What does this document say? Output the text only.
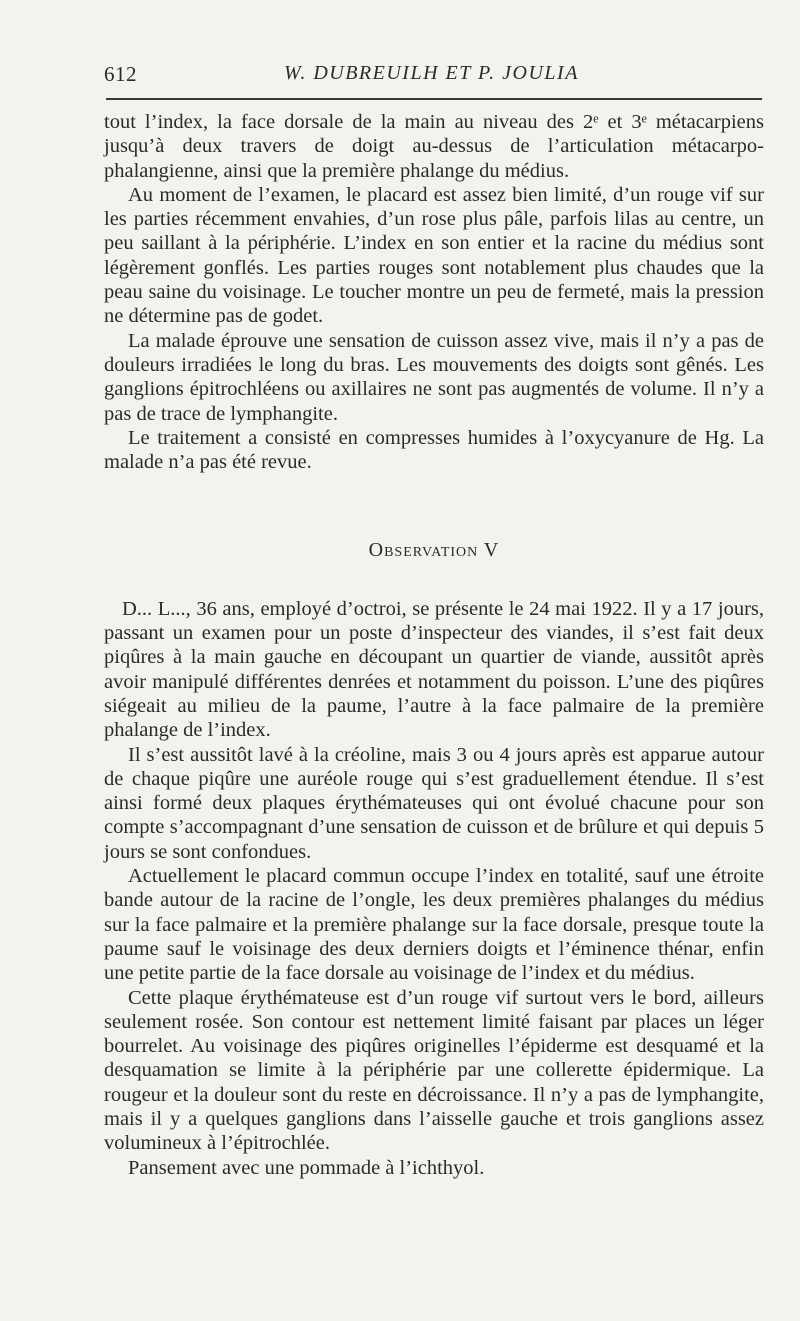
612	W. DUBREUILH ET P. JOULIA

tout l’index, la face dorsale de la main au niveau des 2ᵉ et 3ᵉ métacarpiens jusqu’à deux travers de doigt au-dessus de l’articulation métacarpo-phalangienne, ainsi que la première phalange du médius.

Au moment de l’examen, le placard est assez bien limité, d’un rouge vif sur les parties récemment envahies, d’un rose plus pâle, parfois lilas au centre, un peu saillant à la périphérie. L’index en son entier et la racine du médius sont légèrement gonflés. Les parties rouges sont notablement plus chaudes que la peau saine du voisinage. Le toucher montre un peu de fermeté, mais la pression ne détermine pas de godet.

La malade éprouve une sensation de cuisson assez vive, mais il n’y a pas de douleurs irradiées le long du bras. Les mouvements des doigts sont gênés. Les ganglions épitrochléens ou axillaires ne sont pas augmentés de volume. Il n’y a pas de trace de lymphangite.

Le traitement a consisté en compresses humides à l’oxycyanure de Hg. La malade n’a pas été revue.

Observation V

D... L..., 36 ans, employé d’octroi, se présente le 24 mai 1922. Il y a 17 jours, passant un examen pour un poste d’inspecteur des viandes, il s’est fait deux piqûres à la main gauche en découpant un quartier de viande, aussitôt après avoir manipulé différentes denrées et notamment du poisson. L’une des piqûres siégeait au milieu de la paume, l’autre à la face palmaire de la première phalange de l’index.

Il s’est aussitôt lavé à la créoline, mais 3 ou 4 jours après est apparue autour de chaque piqûre une auréole rouge qui s’est graduellement étendue. Il s’est ainsi formé deux plaques érythémateuses qui ont évolué chacune pour son compte s’accompagnant d’une sensation de cuisson et de brûlure et qui depuis 5 jours se sont confondues.

Actuellement le placard commun occupe l’index en totalité, sauf une étroite bande autour de la racine de l’ongle, les deux premières phalanges du médius sur la face palmaire et la première phalange sur la face dorsale, presque toute la paume sauf le voisinage des deux derniers doigts et l’éminence thénar, enfin une petite partie de la face dorsale au voisinage de l’index et du médius.

Cette plaque érythémateuse est d’un rouge vif surtout vers le bord, ailleurs seulement rosée. Son contour est nettement limité faisant par places un léger bourrelet. Au voisinage des piqûres originelles l’épiderme est desquamé et la desquamation se limite à la périphérie par une collerette épidermique. La rougeur et la douleur sont du reste en décroissance. Il n’y a pas de lymphangite, mais il y a quelques ganglions dans l’aisselle gauche et trois ganglions assez volumineux à l’épitrochlée.

Pansement avec une pommade à l’ichthyol.
